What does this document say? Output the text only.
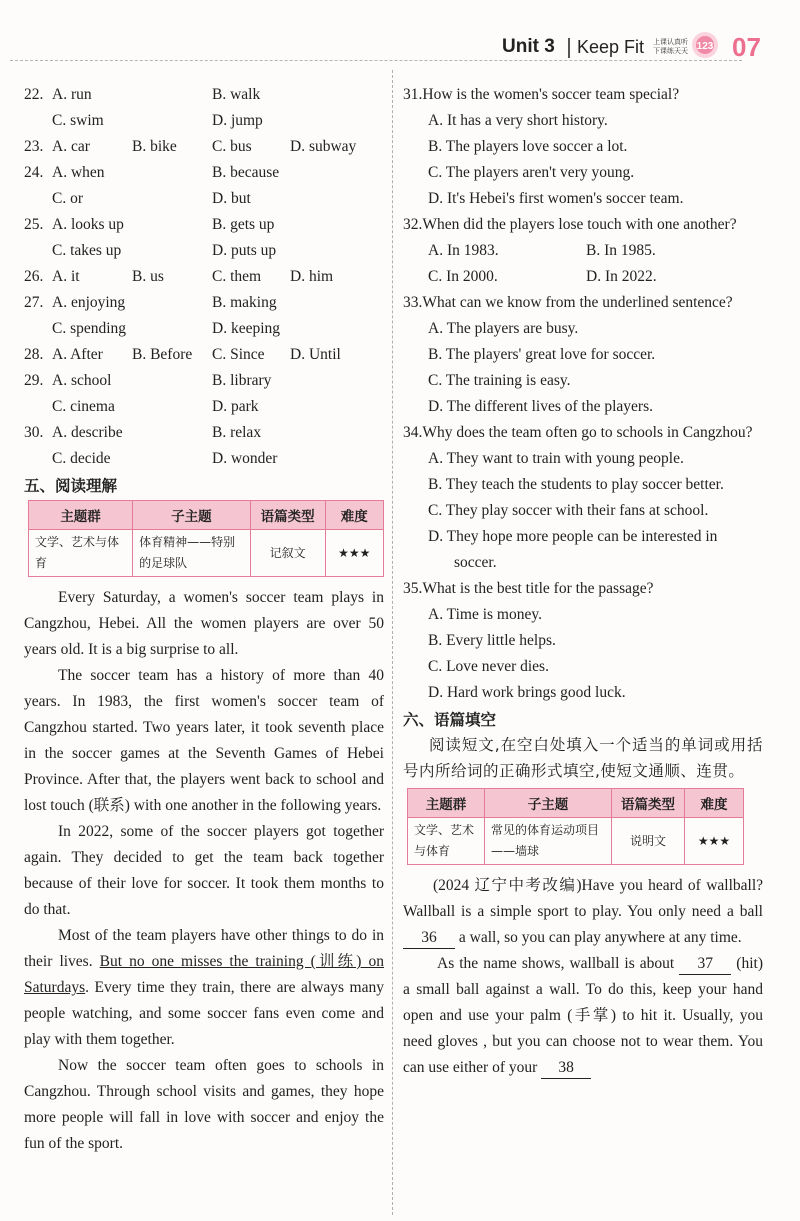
Unit 3 Keep Fit 上课认真听
下课练天天 123 07
22. A. run	B. walk
C. swim	D. jump
23. A. car	B. bike C. bus D. subway
24. A. when	B. because
C. or	D. but
25. A. looks up	B. gets up
C. takes up	D. puts up
26. A. it	B. us	C. them D. him
27. A. enjoying	B. making
C. spending	D. keeping
28. A. After B. Before C. Since D. Until
29. A. school	B. library
C. cinema	D. park
30. A. describe	B. relax
C. decide	D. wonder
五、阅读理解
主题群	子主题	语篇类型	难度
文学、艺术与体育	体育精神——特别的足球队	记叙文	★★★
Every Saturday, a women's soccer team plays in Cangzhou, Hebei. All the women players are over 50 years old. It is a big surprise to all.
The soccer team has a history of more than 40 years. In 1983, the first women's soccer team of Cangzhou started. Two years later, it took seventh place in the soccer games at the Seventh Games of Hebei Province. After that, the players went back to school and lost touch (联系) with one another in the following years.
In 2022, some of the soccer players got together again. They decided to get the team back together because of their love for soccer. It took them months to do that.
Most of the team players have other things to do in their lives. But no one misses the training (训练) on Saturdays. Every time they train, there are always many people watching, and some soccer fans even come and play with them together.
Now the soccer team often goes to schools in Cangzhou. Through school visits and games, they hope more people will fall in love with soccer and enjoy the fun of the sport.
31.How is the women's soccer team special?
A. It has a very short history.
B. The players love soccer a lot.
C. The players aren't very young.
D. It's Hebei's first women's soccer team.
32.When did the players lose touch with one another?
A. In 1983.	B. In 1985.
C. In 2000.	D. In 2022.
33.What can we know from the underlined sentence?
A. The players are busy.
B. The players' great love for soccer.
C. The training is easy.
D. The different lives of the players.
34.Why does the team often go to schools in Cangzhou?
A. They want to train with young people.
B. They teach the students to play soccer better.
C. They play soccer with their fans at school.
D. They hope more people can be interested in soccer.
35.What is the best title for the passage?
A. Time is money.
B. Every little helps.
C. Love never dies.
D. Hard work brings good luck.
六、语篇填空
阅读短文,在空白处填入一个适当的单词或用括号内所给词的正确形式填空,使短文通顺、连贯。
主题群	子主题	语篇类型	难度
文学、艺术与体育	常见的体育运动项目——墙球	说明文	★★★
(2024 辽宁中考改编)Have you heard of wallball? Wallball is a simple sport to play. You only need a ball 36 a wall, so you can play anywhere at any time.
As the name shows, wallball is about 37 (hit) a small ball against a wall. To do this, keep your hand open and use your palm (手掌) to hit it. Usually, you need gloves , but you can choose not to wear them. You can use either of your 38
